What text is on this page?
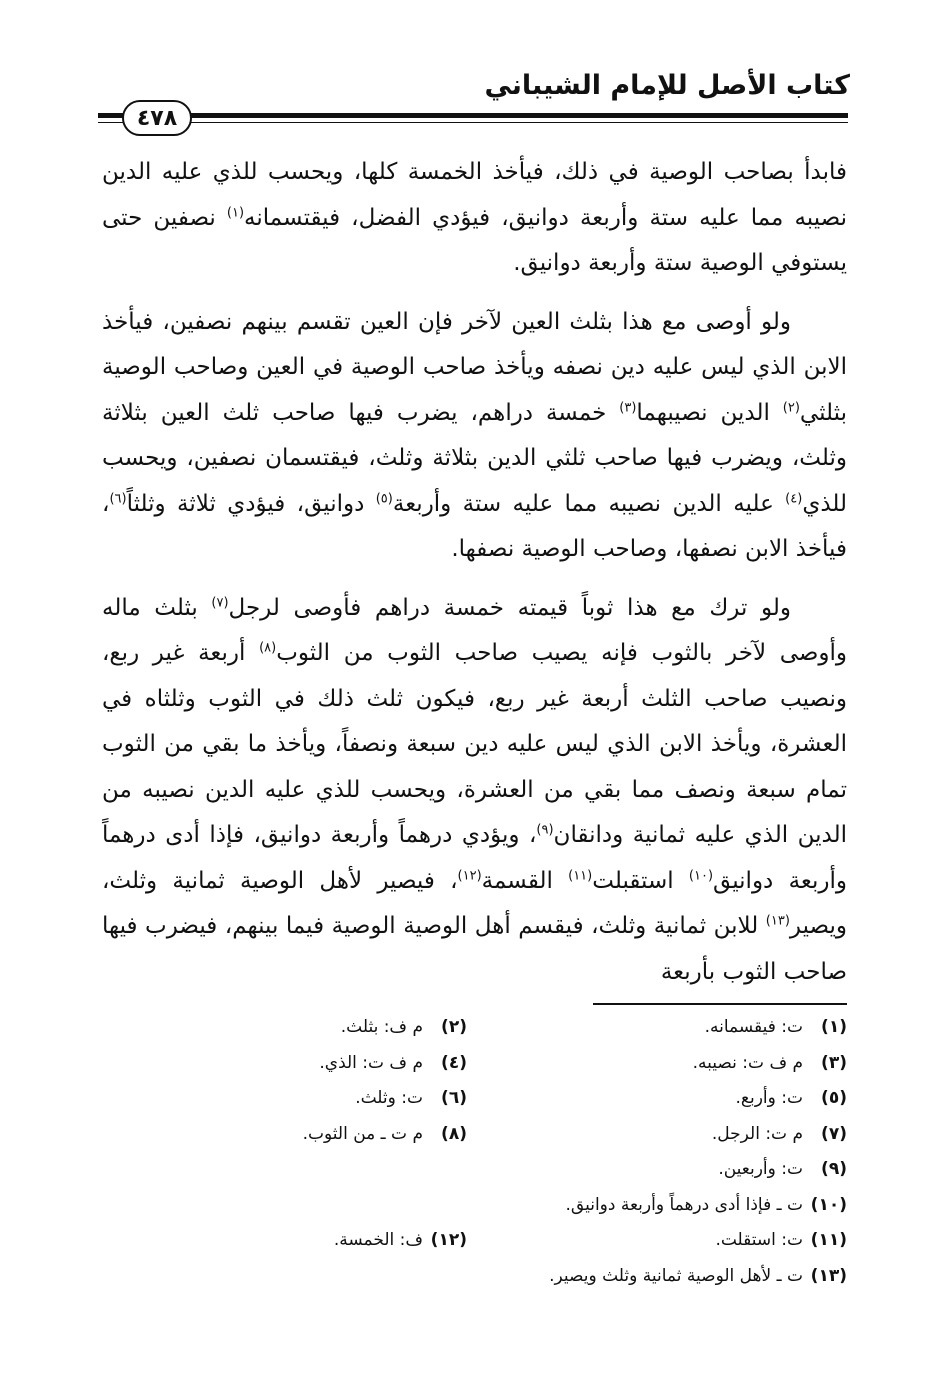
كتاب الأصل للإمام الشيباني
٤٧٨

فابدأ بصاحب الوصية في ذلك، فيأخذ الخمسة كلها، ويحسب للذي عليه الدين نصيبه مما عليه ستة وأربعة دوانيق، فيؤدي الفضل، فيقتسمانه$^{(١)}$ نصفين حتى يستوفي الوصية ستة وأربعة دوانيق.

ولو أوصى مع هذا بثلث العين لآخر فإن العين تقسم بينهم نصفين، فيأخذ الابن الذي ليس عليه دين نصفه ويأخذ صاحب الوصية في العين وصاحب الوصية بثلثي$^{(٢)}$ الدين نصيبهما$^{(٣)}$ خمسة دراهم، يضرب فيها صاحب ثلث العين بثلاثة وثلث، ويضرب فيها صاحب ثلثي الدين بثلاثة وثلث، فيقتسمان نصفين، ويحسب للذي$^{(٤)}$ عليه الدين نصيبه مما عليه ستة وأربعة$^{(٥)}$ دوانيق، فيؤدي ثلاثة وثلثاً$^{(٦)}$، فيأخذ الابن نصفها، وصاحب الوصية نصفها.

ولو ترك مع هذا ثوباً قيمته خمسة دراهم فأوصى لرجل$^{(٧)}$ بثلث ماله وأوصى لآخر بالثوب فإنه يصيب صاحب الثوب من الثوب$^{(٨)}$ أربعة غير ربع، ونصيب صاحب الثلث أربعة غير ربع، فيكون ثلث ذلك في الثوب وثلثاه في العشرة، ويأخذ الابن الذي ليس عليه دين سبعة ونصفاً، ويأخذ ما بقي من الثوب تمام سبعة ونصف مما بقي من العشرة، ويحسب للذي عليه الدين نصيبه من الدين الذي عليه ثمانية ودانقان$^{(٩)}$، ويؤدي درهماً وأربعة دوانيق، فإذا أدى درهماً وأربعة دوانيق$^{(١٠)}$ استقبلت$^{(١١)}$ القسمة$^{(١٢)}$، فيصير لأهل الوصية ثمانية وثلث، ويصير$^{(١٣)}$ للابن ثمانية وثلث، فيقسم أهل الوصية الوصية فيما بينهم، فيضرب فيها صاحب الثوب بأربعة

(١)ت: فيقسمانه.
(٢)م ف: بثلث.
(٣)م ف ت: نصيبه.
(٤)م ف ت: الذي.
(٥)ت: وأربع.
(٦)ت: وثلث.
(٧)م ت: الرجل.
(٨)م ت ـ من الثوب.
(٩)ت: وأربعين.
(١٠)ت ـ فإذا أدى درهماً وأربعة دوانيق.
(١١)ت: استقلت.
(١٢)ف: الخمسة.
(١٣)ت ـ لأهل الوصية ثمانية وثلث ويصير.
